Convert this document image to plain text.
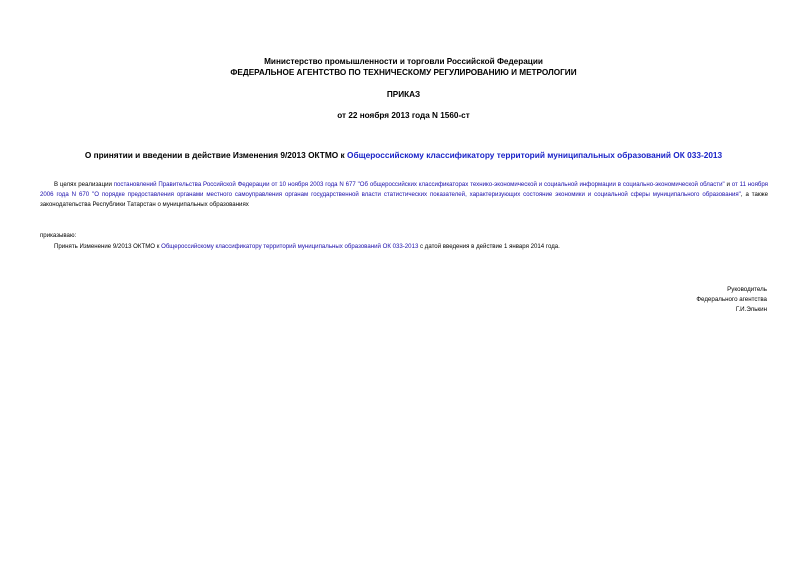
Министерство промышленности и торговли Российской Федерации
ФЕДЕРАЛЬНОЕ АГЕНТСТВО ПО ТЕХНИЧЕСКОМУ РЕГУЛИРОВАНИЮ И МЕТРОЛОГИИ
ПРИКАЗ
от 22 ноября 2013 года N 1560-ст
О принятии и введении в действие Изменения 9/2013 ОКТМО к Общероссийскому классификатору территорий муниципальных образований ОК 033-2013
В целях реализации постановлений Правительства Российской Федерации от 10 ноября 2003 года N 677 "Об общероссийских классификаторах технико-экономической и социальной информации в социально-экономической области" и от 11 ноября 2006 года N 670 "О порядке предоставления органами местного самоуправления органам государственной власти статистических показателей, характеризующих состояние экономики и социальной сферы муниципального образования", а также законодательства Республики Татарстан о муниципальных образованиях
приказываю:
Принять Изменение 9/2013 ОКТМО к Общероссийскому классификатору территорий муниципальных образований ОК 033-2013 с датой введения в действие 1 января 2014 года.
Руководитель
Федерального агентства
Г.И.Элькин
